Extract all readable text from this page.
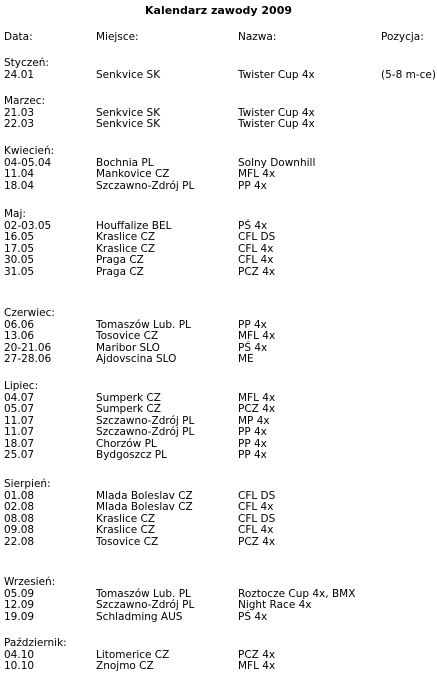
Kalendarz zawody 2009
Data:	Miejsce:	Nazwa:	Pozycja:
Styczeń:
24.01	Senkvice SK	Twister Cup 4x	(5-8 m-ce)
Marzec:
21.03	Senkvice SK	Twister Cup 4x
22.03	Senkvice SK	Twister Cup 4x
Kwiecień:
04-05.04	Bochnia PL	Solny Downhill
11.04	Mankovice CZ	MFL 4x
18.04	Szczawno-Zdrój PL	PP 4x
Maj:
02-03.05	Houffalize BEL	PŚ 4x
16.05	Kraslice CZ	CFL DS
17.05	Kraslice CZ	CFL 4x
30.05	Praga CZ	CFL 4x
31.05	Praga CZ	PCZ 4x
Czerwiec:
06.06	Tomaszów Lub. PL	PP 4x
13.06	Tosovice CZ	MFL 4x
20-21.06	Maribor SLO	PŚ 4x
27-28.06	Ajdovscina SLO	ME
Lipiec:
04.07	Sumperk CZ	MFL 4x
05.07	Sumperk CZ	PCZ 4x
11.07	Szczawno-Zdrój PL	MP 4x
11.07	Szczawno-Zdrój PL	PP 4x
18.07	Chorzów PL	PP 4x
25.07	Bydgoszcz PL	PP 4x
Sierpień:
01.08	Mlada Boleslav CZ	CFL DS
02.08	Mlada Boleslav CZ	CFL 4x
08.08	Kraslice CZ	CFL DS
09.08	Kraslice CZ	CFL 4x
22.08	Tosovice CZ	PCZ 4x
Wrzesień:
05.09	Tomaszów Lub. PL	Roztocze Cup 4x, BMX
12.09	Szczawno-Zdrój PL	Night Race 4x
19.09	Schladming AUS	PŚ 4x
Październik:
04.10	Litomerice CZ	PCZ 4x
10.10	Znojmo CZ	MFL 4x
